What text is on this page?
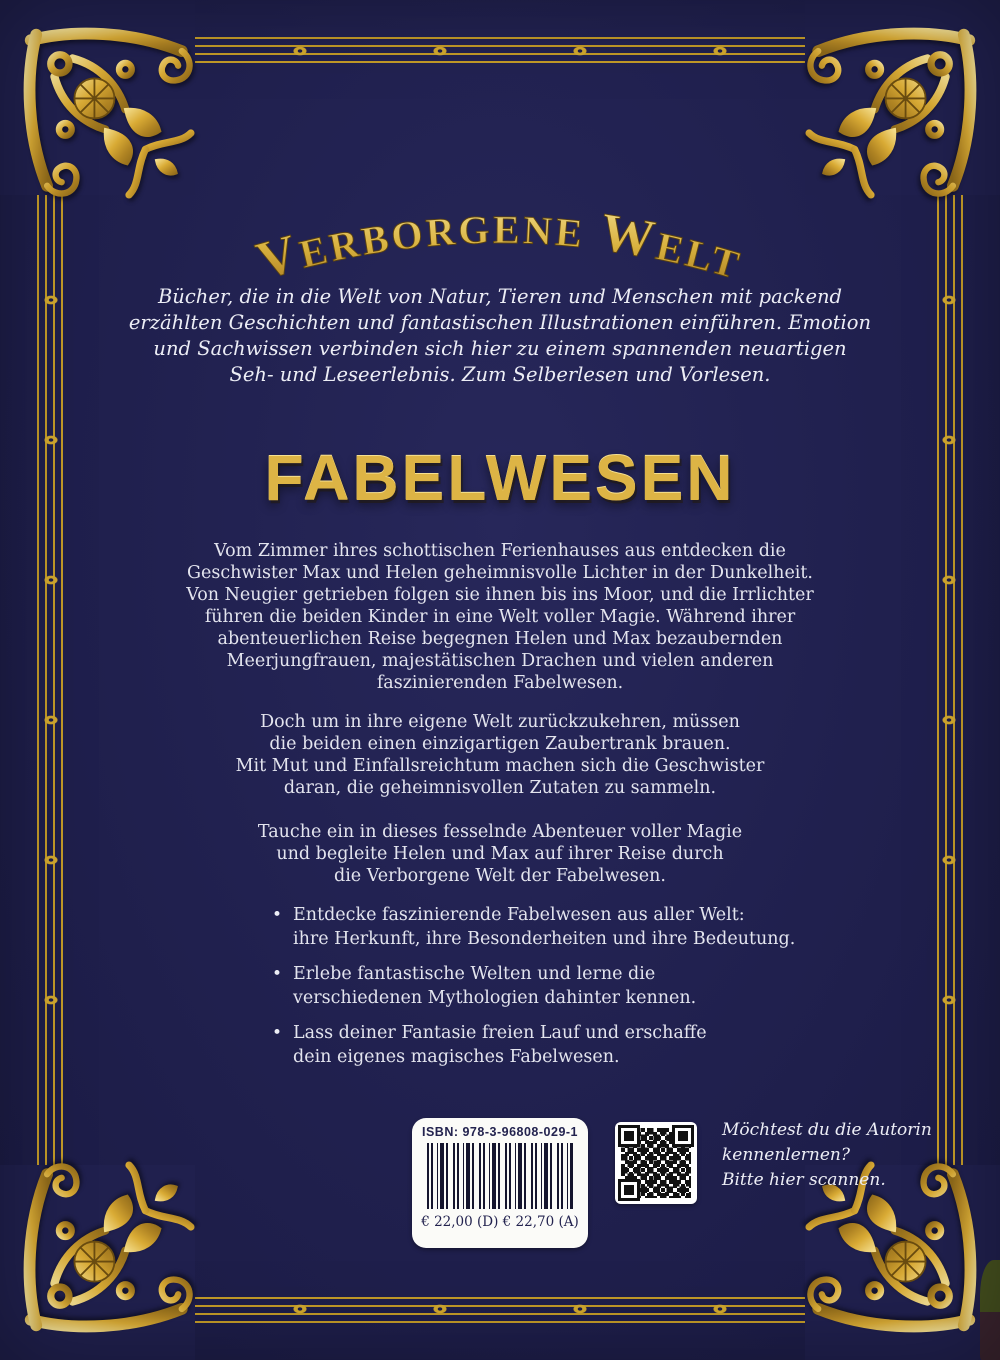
VERBORGENE WELT
Bücher, die in die Welt von Natur, Tieren und Menschen mit packend
erzählten Geschichten und fantastischen Illustrationen einführen. Emotion
und Sachwissen verbinden sich hier zu einem spannenden neuartigen
Seh- und Leseerlebnis. Zum Selberlesen und Vorlesen.
FABELWESEN
Vom Zimmer ihres schottischen Ferienhauses aus entdecken die
Geschwister Max und Helen geheimnisvolle Lichter in der Dunkelheit.
Von Neugier getrieben folgen sie ihnen bis ins Moor, und die Irrlichter
führen die beiden Kinder in eine Welt voller Magie. Während ihrer
abenteuerlichen Reise begegnen Helen und Max bezaubernden
Meerjungfrauen, majestätischen Drachen und vielen anderen
faszinierenden Fabelwesen.
Doch um in ihre eigene Welt zurückzukehren, müssen
die beiden einen einzigartigen Zaubertrank brauen.
Mit Mut und Einfallsreichtum machen sich die Geschwister
daran, die geheimnisvollen Zutaten zu sammeln.
Tauche ein in dieses fesselnde Abenteuer voller Magie
und begleite Helen und Max auf ihrer Reise durch
die Verborgene Welt der Fabelwesen.
• Entdecke faszinierende Fabelwesen aus aller Welt:
ihre Herkunft, ihre Besonderheiten und ihre Bedeutung.
• Erlebe fantastische Welten und lerne die
verschiedenen Mythologien dahinter kennen.
• Lass deiner Fantasie freien Lauf und erschaffe
dein eigenes magisches Fabelwesen.
ISBN: 978-3-96808-029-1
€ 22,00 (D) € 22,70 (A)
Möchtest du die Autorin
kennenlernen?
Bitte hier scannen.
